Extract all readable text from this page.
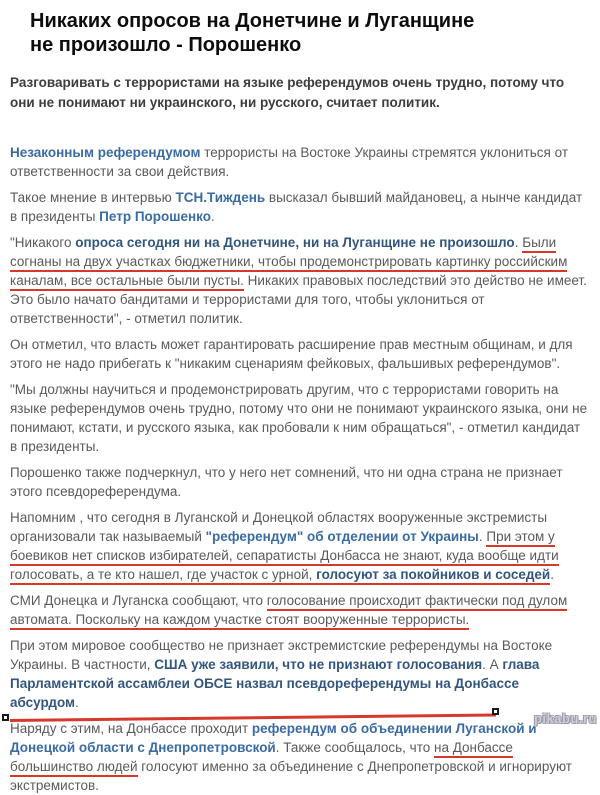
Никаких опросов на Донетчине и Луганщине
не произошло - Порошенко
Разговаривать с террористами на языке референдумов очень трудно, потому что они не понимают ни украинского, ни русского, считает политик.

Незаконным референдумом террористы на Востоке Украины стремятся уклониться от ответственности за свои действия.

Такое мнение в интервью ТСН.Тиждень высказал бывший майдановец, а нынче кандидат в президенты Петр Порошенко.

"Никакого опроса сегодня ни на Донетчине, ни на Луганщине не произошло. Были согнаны на двух участках бюджетники, чтобы продемонстрировать картинку российским каналам, все остальные были пусты. Никаких правовых последствий это действо не имеет. Это было начато бандитами и террористами для того, чтобы уклониться от ответственности", - отметил политик.

Он отметил, что власть может гарантировать расширение прав местным общинам, и для этого не надо прибегать к "никаким сценариям фейковых, фальшивых референдумов".

"Мы должны научиться и продемонстрировать другим, что с террористами говорить на языке референдумов очень трудно, потому что они не понимают украинского языка, они не понимают, кстати, и русского языка, как пробовали к ним обращаться", - отметил кандидат в президенты.

Порошенко также подчеркнул, что у него нет сомнений, что ни одна страна не признает этого псевдореферендума.

Напомним , что сегодня в Луганской и Донецкой областях вооруженные экстремисты организовали так называемый "референдум" об отделении от Украины. При этом у боевиков нет списков избирателей, сепаратисты Донбасса не знают, куда вообще идти голосовать, а те кто нашел, где участок с урной, голосуют за покойников и соседей.

СМИ Донецка и Луганска сообщают, что голосование происходит фактически под дулом автомата. Поскольку на каждом участке стоят вооруженные террористы.

При этом мировое сообщество не признает экстремистские референдумы на Востоке Украины. В частности, США уже заявили, что не признают голосования. А глава Парламентской ассамблеи ОБСЕ назвал псевдореферендумы на Донбассе абсурдом.

Наряду с этим, на Донбассе проходит референдум об объединении Луганской и Донецкой области с Днепропетровской. Также сообщалось, что на Донбассе большинство людей голосуют именно за объединение с Днепропетровской и игнорируют экстремистов.

pikabu.ru
